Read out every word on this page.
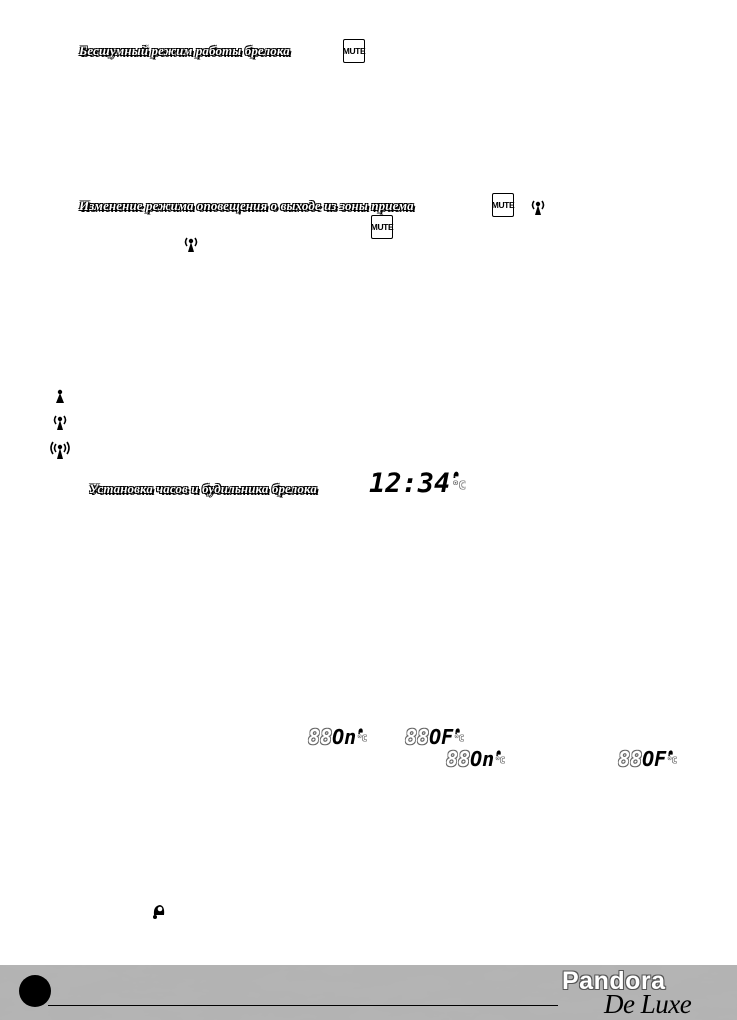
Бесшумный режим работы брелока	MUTE
Изменение режима оповещения о выходе из зоны приема	MUTE
MUTE
Установка часов и будильника брелока 12:34 °C
88 On °C 88 OF °C
88 On °C	88 OF °C
Pandora
De Luxe
